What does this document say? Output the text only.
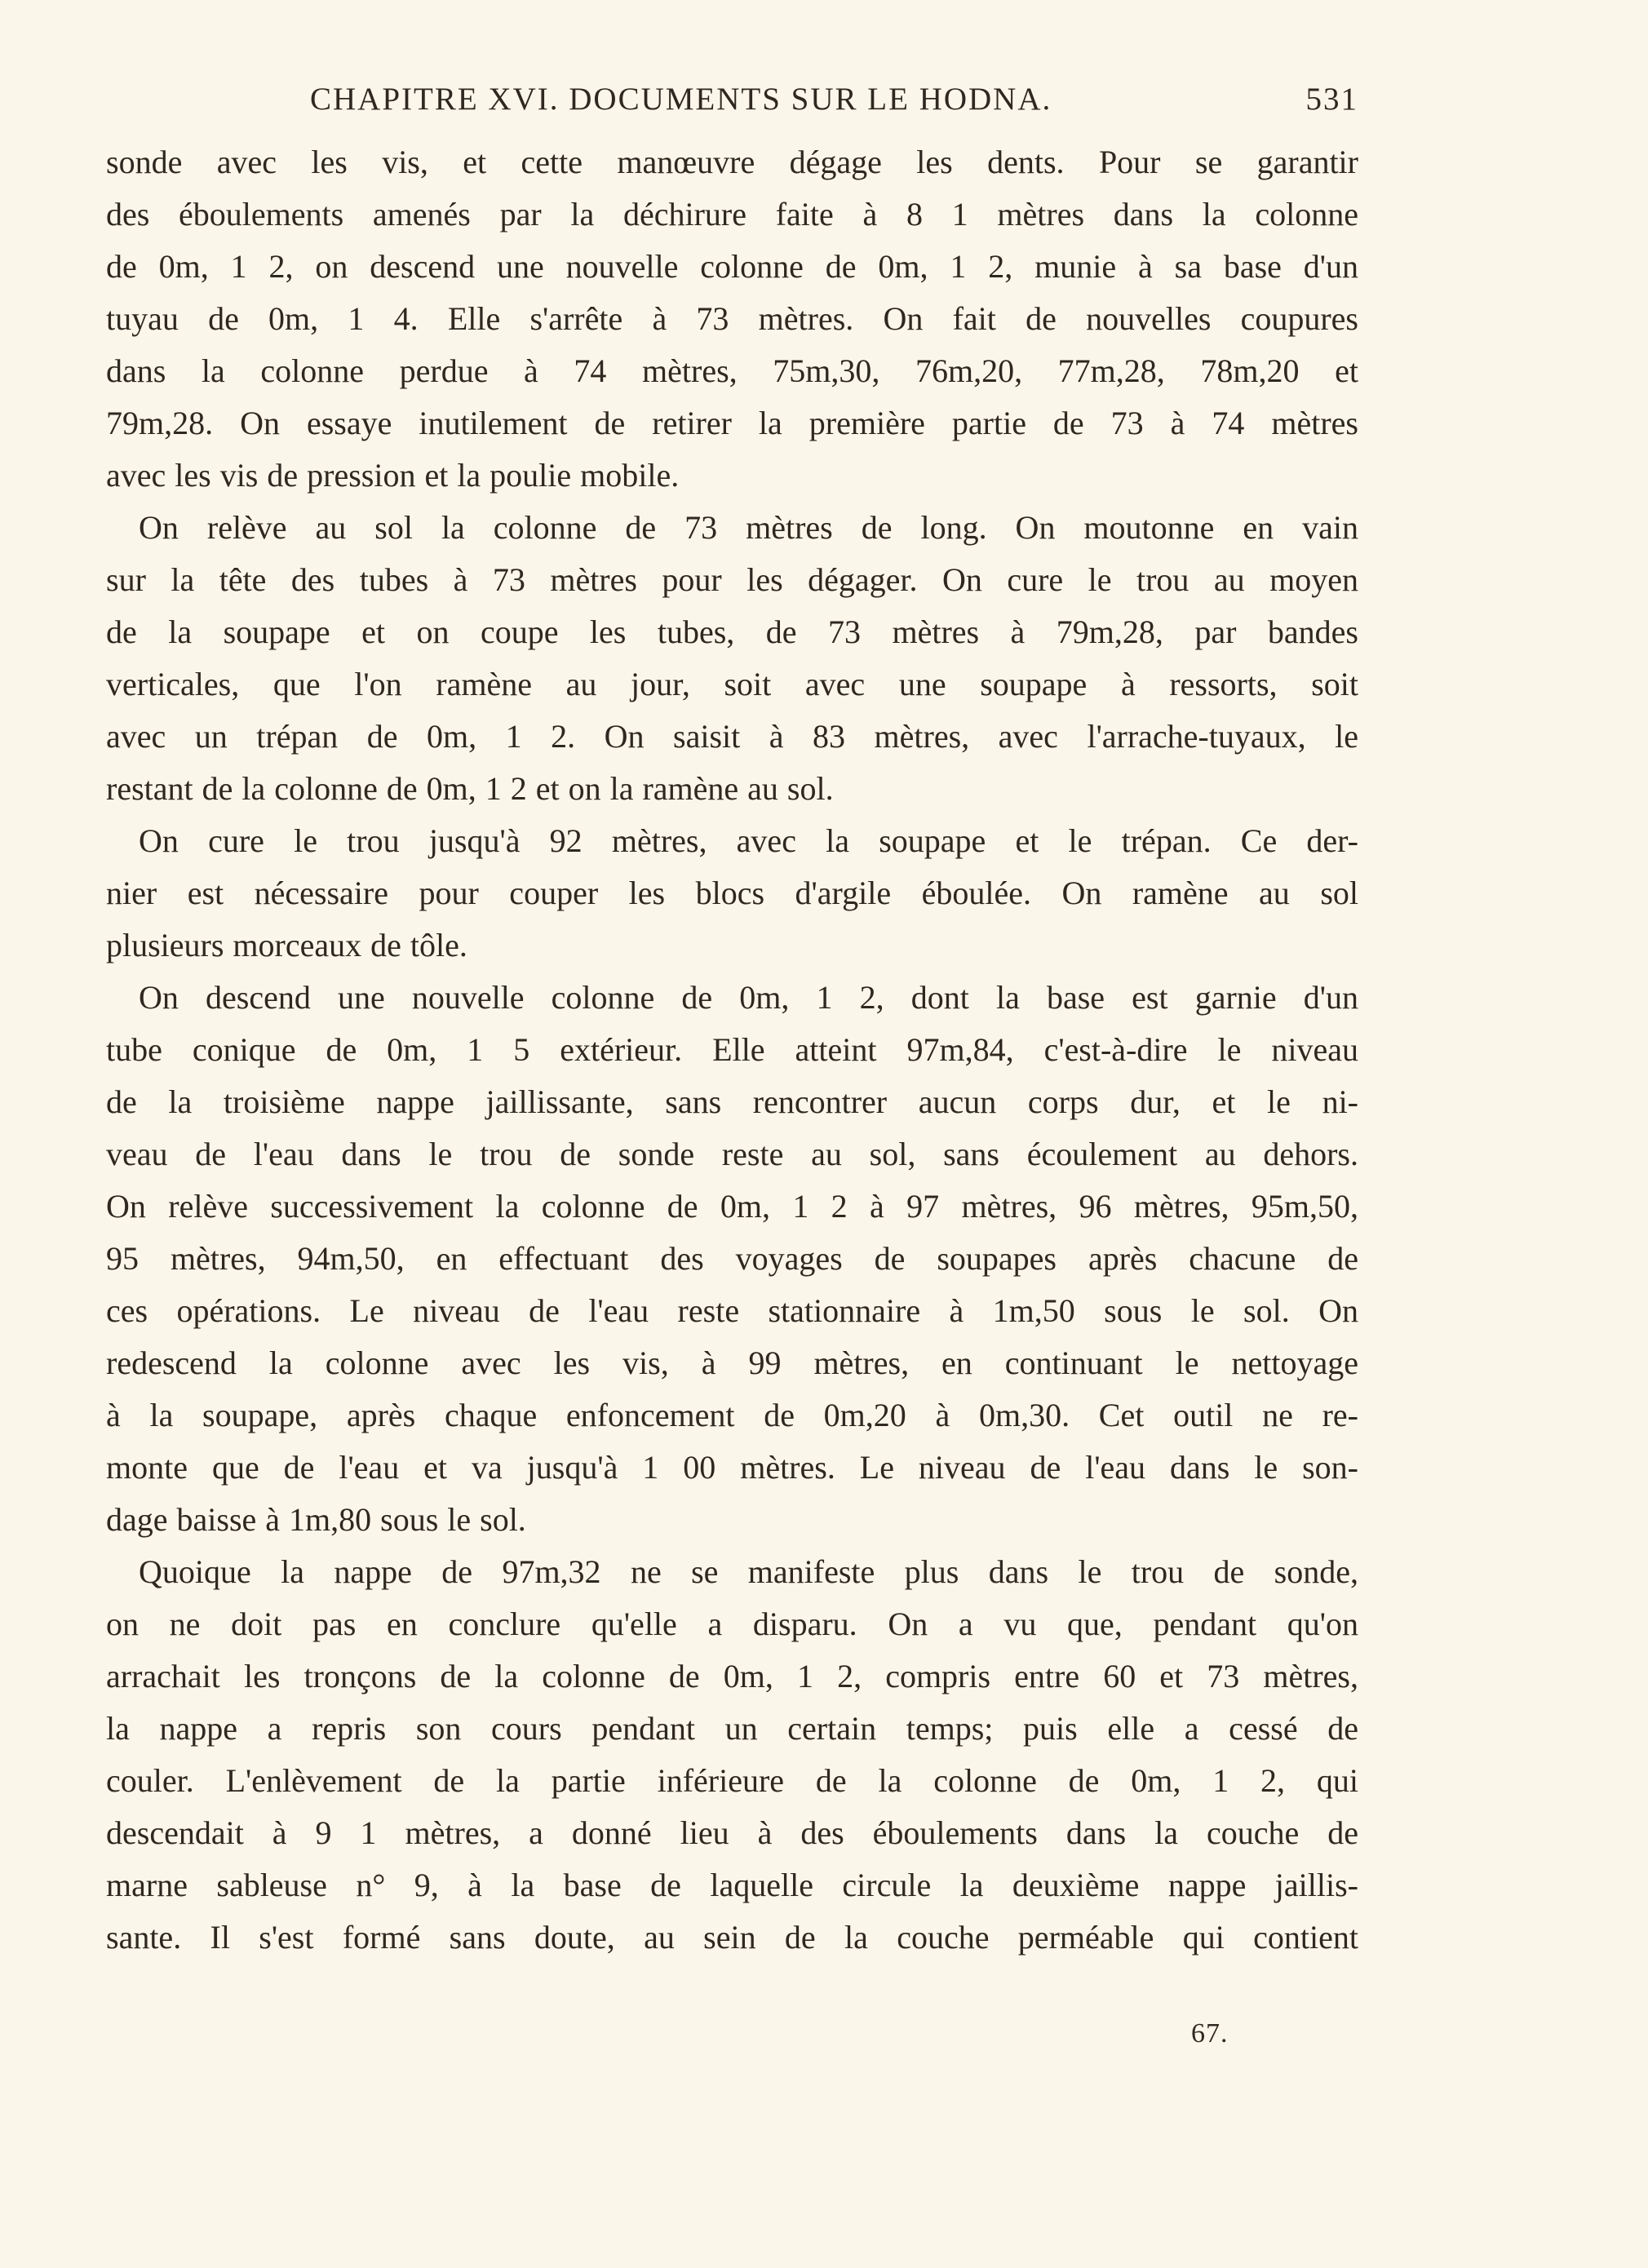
CHAPITRE XVI. DOCUMENTS SUR LE HODNA.	531
sonde avec les vis, et cette manœuvre dégage les dents. Pour se garantir
des éboulements amenés par la déchirure faite à 8 1 mètres dans la colonne
de 0m, 1 2, on descend une nouvelle colonne de 0m, 1 2, munie à sa base d'un
tuyau de 0m, 1 4. Elle s'arrête à 73 mètres. On fait de nouvelles coupures
dans la colonne perdue à 74 mètres, 75m,30, 76m,20, 77m,28, 78m,20 et
79m,28. On essaye inutilement de retirer la première partie de 73 à 74 mètres
avec les vis de pression et la poulie mobile.
On relève au sol la colonne de 73 mètres de long. On moutonne en vain
sur la tête des tubes à 73 mètres pour les dégager. On cure le trou au moyen
de la soupape et on coupe les tubes, de 73 mètres à 79m,28, par bandes
verticales, que l'on ramène au jour, soit avec une soupape à ressorts, soit
avec un trépan de 0m, 1 2. On saisit à 83 mètres, avec l'arrache-tuyaux, le
restant de la colonne de 0m, 1 2 et on la ramène au sol.
On cure le trou jusqu'à 92 mètres, avec la soupape et le trépan. Ce der-
nier est nécessaire pour couper les blocs d'argile éboulée. On ramène au sol
plusieurs morceaux de tôle.
On descend une nouvelle colonne de 0m, 1 2, dont la base est garnie d'un
tube conique de 0m, 1 5 extérieur. Elle atteint 97m,84, c'est-à-dire le niveau
de la troisième nappe jaillissante, sans rencontrer aucun corps dur, et le ni-
veau de l'eau dans le trou de sonde reste au sol, sans écoulement au dehors.
On relève successivement la colonne de 0m, 1 2 à 97 mètres, 96 mètres, 95m,50,
95 mètres, 94m,50, en effectuant des voyages de soupapes après chacune de
ces opérations. Le niveau de l'eau reste stationnaire à 1m,50 sous le sol. On
redescend la colonne avec les vis, à 99 mètres, en continuant le nettoyage
à la soupape, après chaque enfoncement de 0m,20 à 0m,30. Cet outil ne re-
monte que de l'eau et va jusqu'à 1 00 mètres. Le niveau de l'eau dans le son-
dage baisse à 1m,80 sous le sol.
Quoique la nappe de 97m,32 ne se manifeste plus dans le trou de sonde,
on ne doit pas en conclure qu'elle a disparu. On a vu que, pendant qu'on
arrachait les tronçons de la colonne de 0m, 1 2, compris entre 60 et 73 mètres,
la nappe a repris son cours pendant un certain temps; puis elle a cessé de
couler. L'enlèvement de la partie inférieure de la colonne de 0m, 1 2, qui
descendait à 9 1 mètres, a donné lieu à des éboulements dans la couche de
marne sableuse n° 9, à la base de laquelle circule la deuxième nappe jaillis-
sante. Il s'est formé sans doute, au sein de la couche perméable qui contient
67.
